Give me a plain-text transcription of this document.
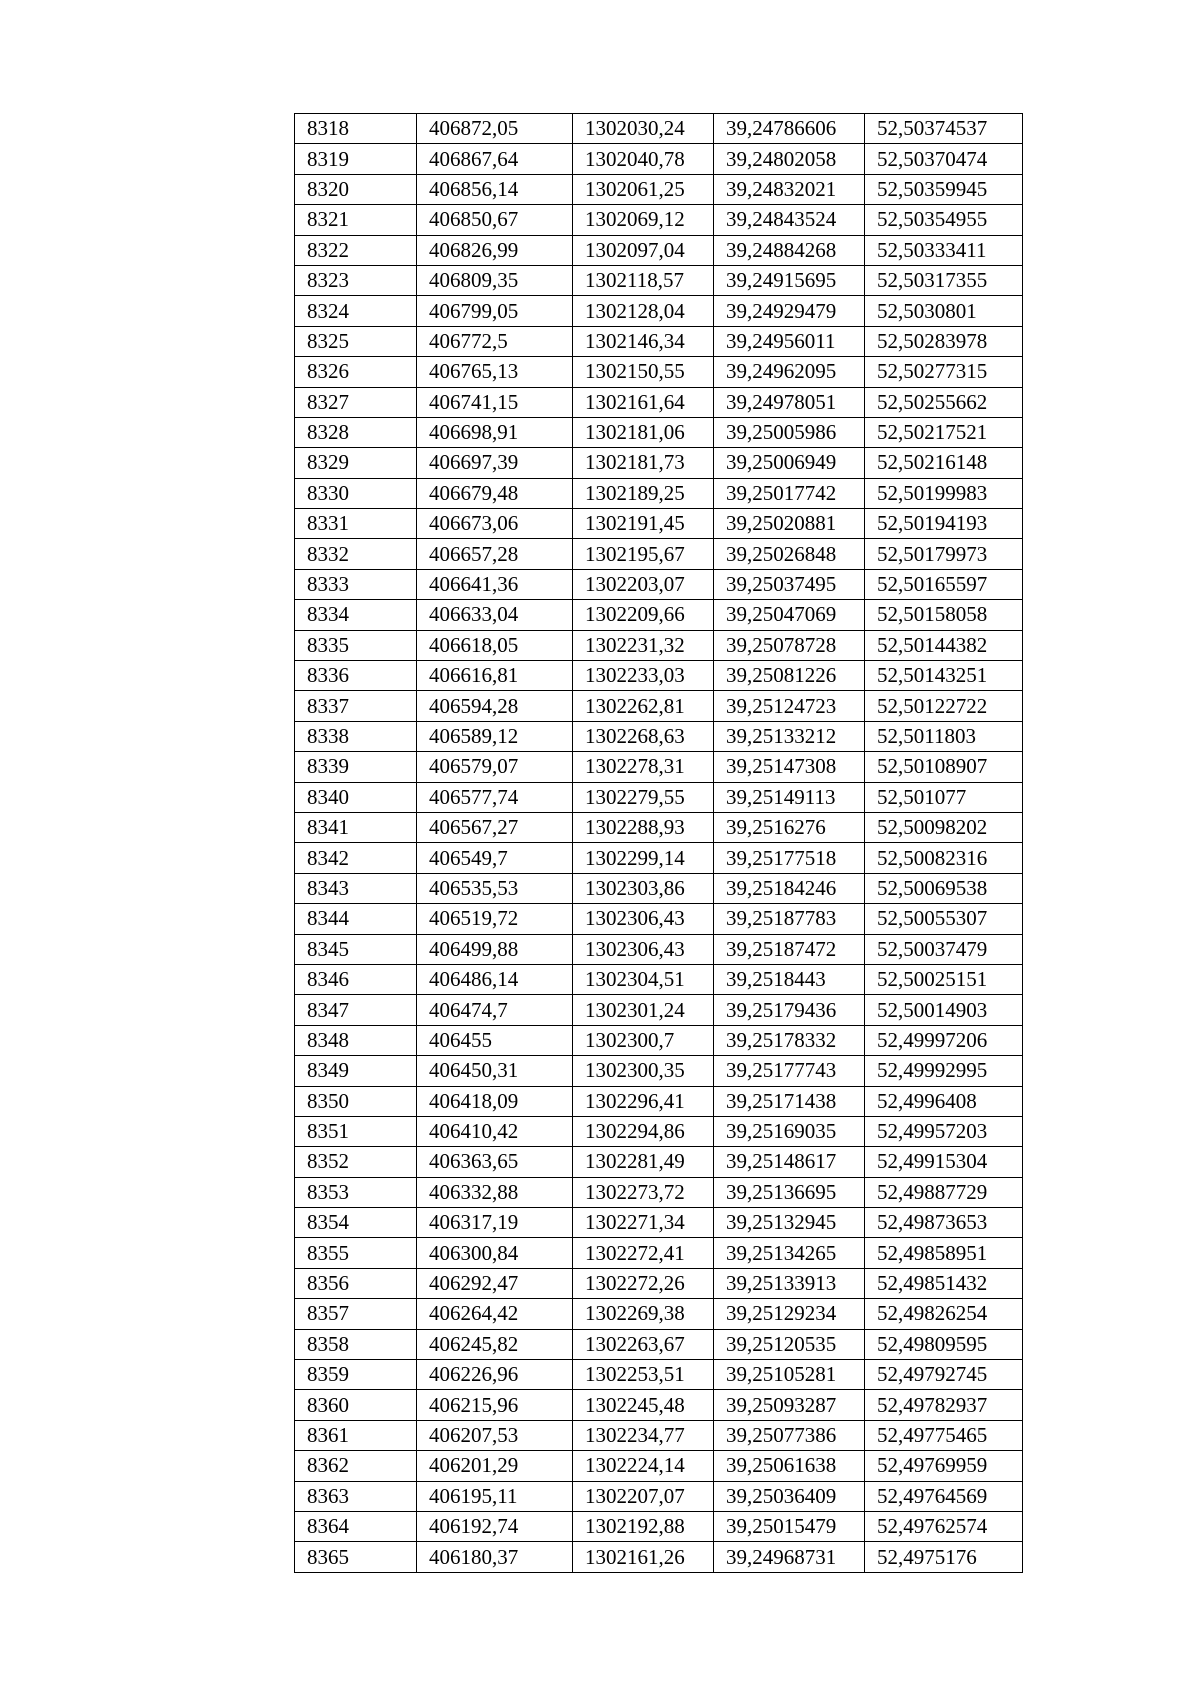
8318	406872,05	1302030,24	39,24786606	52,50374537
8319	406867,64	1302040,78	39,24802058	52,50370474
8320	406856,14	1302061,25	39,24832021	52,50359945
8321	406850,67	1302069,12	39,24843524	52,50354955
8322	406826,99	1302097,04	39,24884268	52,50333411
8323	406809,35	1302118,57	39,24915695	52,50317355
8324	406799,05	1302128,04	39,24929479	52,5030801
8325	406772,5	1302146,34	39,24956011	52,50283978
8326	406765,13	1302150,55	39,24962095	52,50277315
8327	406741,15	1302161,64	39,24978051	52,50255662
8328	406698,91	1302181,06	39,25005986	52,50217521
8329	406697,39	1302181,73	39,25006949	52,50216148
8330	406679,48	1302189,25	39,25017742	52,50199983
8331	406673,06	1302191,45	39,25020881	52,50194193
8332	406657,28	1302195,67	39,25026848	52,50179973
8333	406641,36	1302203,07	39,25037495	52,50165597
8334	406633,04	1302209,66	39,25047069	52,50158058
8335	406618,05	1302231,32	39,25078728	52,50144382
8336	406616,81	1302233,03	39,25081226	52,50143251
8337	406594,28	1302262,81	39,25124723	52,50122722
8338	406589,12	1302268,63	39,25133212	52,5011803
8339	406579,07	1302278,31	39,25147308	52,50108907
8340	406577,74	1302279,55	39,25149113	52,501077
8341	406567,27	1302288,93	39,2516276	52,50098202
8342	406549,7	1302299,14	39,25177518	52,50082316
8343	406535,53	1302303,86	39,25184246	52,50069538
8344	406519,72	1302306,43	39,25187783	52,50055307
8345	406499,88	1302306,43	39,25187472	52,50037479
8346	406486,14	1302304,51	39,2518443	52,50025151
8347	406474,7	1302301,24	39,25179436	52,50014903
8348	406455	1302300,7	39,25178332	52,49997206
8349	406450,31	1302300,35	39,25177743	52,49992995
8350	406418,09	1302296,41	39,25171438	52,4996408
8351	406410,42	1302294,86	39,25169035	52,49957203
8352	406363,65	1302281,49	39,25148617	52,49915304
8353	406332,88	1302273,72	39,25136695	52,49887729
8354	406317,19	1302271,34	39,25132945	52,49873653
8355	406300,84	1302272,41	39,25134265	52,49858951
8356	406292,47	1302272,26	39,25133913	52,49851432
8357	406264,42	1302269,38	39,25129234	52,49826254
8358	406245,82	1302263,67	39,25120535	52,49809595
8359	406226,96	1302253,51	39,25105281	52,49792745
8360	406215,96	1302245,48	39,25093287	52,49782937
8361	406207,53	1302234,77	39,25077386	52,49775465
8362	406201,29	1302224,14	39,25061638	52,49769959
8363	406195,11	1302207,07	39,25036409	52,49764569
8364	406192,74	1302192,88	39,25015479	52,49762574
8365	406180,37	1302161,26	39,24968731	52,4975176
